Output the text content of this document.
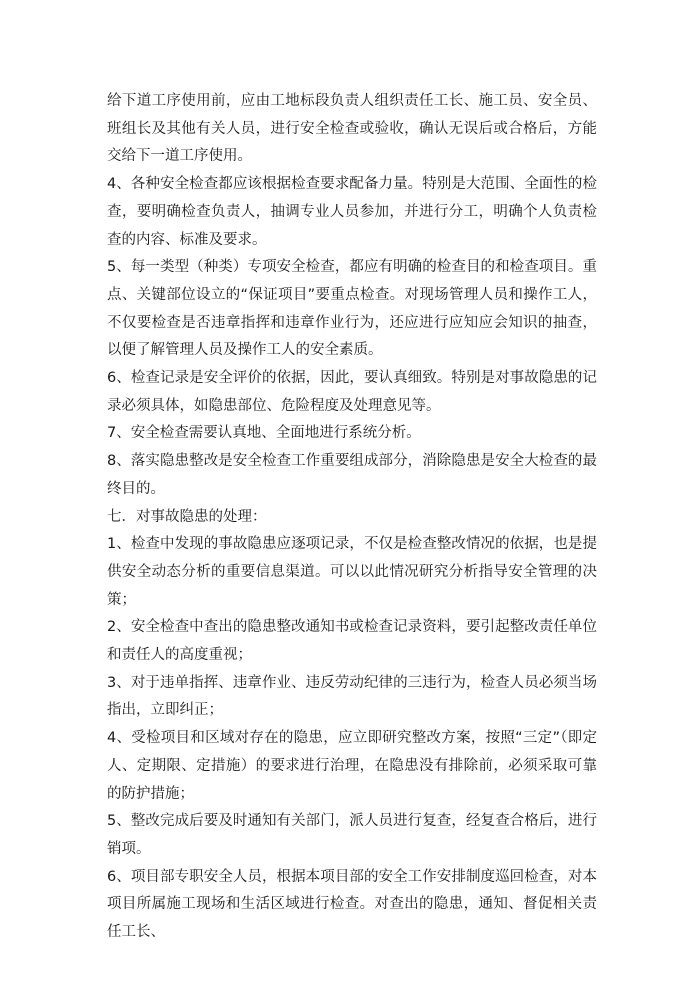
给下道工序使用前，应由工地标段负责人组织责任工长、施工员、安全员、班组长及其他有关人员，进行安全检查或验收，确认无误后或合格后，方能交给下一道工序使用。

4、各种安全检查都应该根据检查要求配备力量。特别是大范围、全面性的检查，要明确检查负责人，抽调专业人员参加，并进行分工，明确个人负责检查的内容、标准及要求。

5、每一类型（种类）专项安全检查，都应有明确的检查目的和检查项目。重点、关键部位设立的“保证项目”要重点检查。对现场管理人员和操作工人，不仅要检查是否违章指挥和违章作业行为，还应进行应知应会知识的抽查，以便了解管理人员及操作工人的安全素质。

6、检查记录是安全评价的依据，因此，要认真细致。特别是对事故隐患的记录必须具体，如隐患部位、危险程度及处理意见等。

7、安全检查需要认真地、全面地进行系统分析。

8、落实隐患整改是安全检查工作重要组成部分，消除隐患是安全大检查的最终目的。

七．对事故隐患的处理：

1、检查中发现的事故隐患应逐项记录，不仅是检查整改情况的依据，也是提供安全动态分析的重要信息渠道。可以以此情况研究分析指导安全管理的决策；

2、安全检查中查出的隐患整改通知书或检查记录资料，要引起整改责任单位和责任人的高度重视；

3、对于违单指挥、违章作业、违反劳动纪律的三违行为，检查人员必须当场指出，立即纠正；

4、受检项目和区域对存在的隐患，应立即研究整改方案，按照“三定”（即定人、定期限、定措施）的要求进行治理，在隐患没有排除前，必须采取可靠的防护措施；

5、整改完成后要及时通知有关部门，派人员进行复查，经复查合格后，进行销项。

6、项目部专职安全人员，根据本项目部的安全工作安排制度巡回检查，对本项目所属施工现场和生活区域进行检查。对查出的隐患，通知、督促相关责任工长、
